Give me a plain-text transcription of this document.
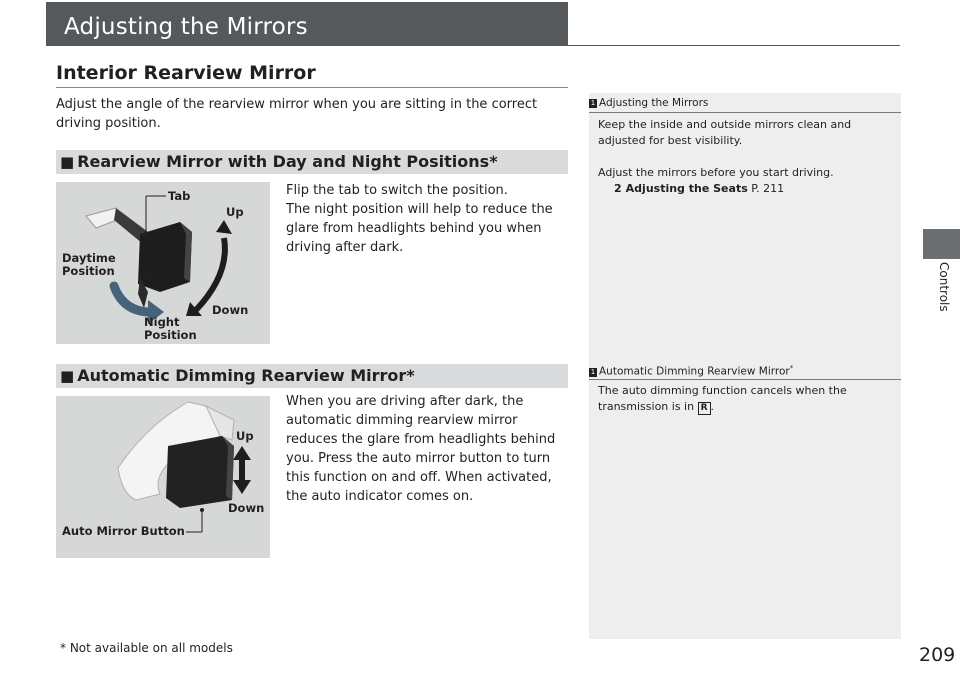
Adjusting the Mirrors
Controls
Interior Rearview Mirror
Adjust the angle of the rearview mirror when you are sitting in the correct driving position.
■ Rearview Mirror with Day and Night Positions*
Tab
Up
Daytime
Position
Down
Night
Position

Flip the tab to switch the position.

The night position will help to reduce the glare from headlights behind you when driving after dark.

■ Automatic Dimming Rearview Mirror*
Up
Down
Auto Mirror Button
When you are driving after dark, the automatic dimming rearview mirror reduces the glare from headlights behind you. Press the auto mirror button to turn this function on and off. When activated, the auto indicator comes on.
1 Adjusting the Mirrors

Keep the inside and outside mirrors clean and adjusted for best visibility.

Adjust the mirrors before you start driving.

2 Adjusting the Seats P. 211

1 Automatic Dimming Rearview Mirror*

The auto dimming function cancels when the transmission is in R .

* Not available on all models	209
